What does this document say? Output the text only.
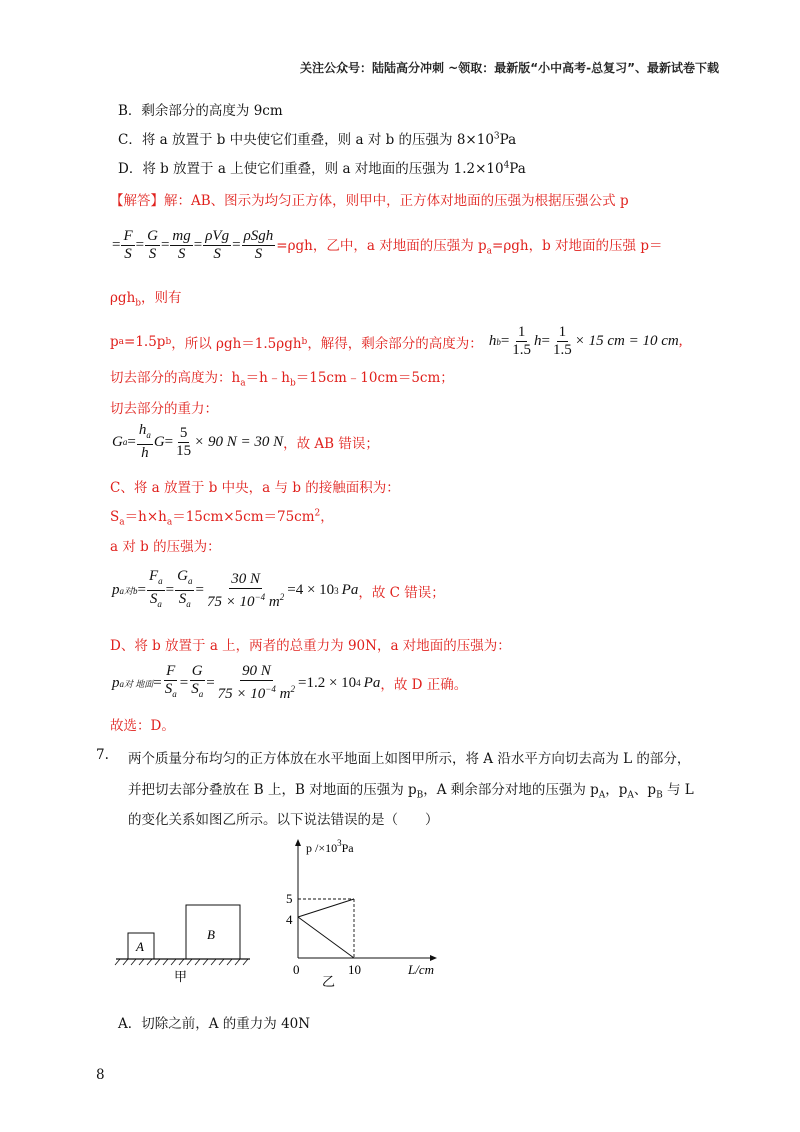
关注公众号：陆陆高分冲刺 ~领取：最新版“小中高考-总复习”、最新试卷下载
B．剩余部分的高度为 9cm
C．将 a 放置于 b 中央使它们重叠，则 a 对 b 的压强为 $8\times 10^3Pa$
D．将 b 放置于 a 上使它们重叠，则 a 对地面的压强为 $1.2\times 10^4Pa$
【解答】解：AB、图示为均匀正方体，则甲中，正方体对地面的压强为根据压强公式 p
= $\frac{F}{S} = \frac{G}{S} = \frac{mg}{S} = \frac{\text{ρVg}}{S} = \frac{\text{ρSgh}}{S} =\rho gh$，乙中，a 对地面的压强为 $p_a=\rho gh$，b 对地面的压强 p＝
ρgh$_b$，则有
p a =1.5p b ，所以 ρgh＝1.5ρgh b ，解得，剩余部分的高度为： h $b = \frac{1}{1.5}$ $h = \frac{1}{1.5} \times 15$ cm = 10 cm ,
切去部分的高度为：$h_a=h﹣h_b=15cm﹣10cm=5cm$；
切去部分的重力：
G $a = \frac{h_a}{h}$ $G = \frac{5}{15} \times 90$ N = 30 N ，故 AB 错误；
C、将 a 放置于 b 中央，a 与 b 的接触面积为：
$S_a=h\times h_a=15cm\times 5cm=75cm^2$，
a 对 b 的压强为：
p a对$b = \frac{F_a}{S_a} = \frac{G_a}{S_a} = \frac{30 N}{75 \times 10^{-4} m^2} = 4 \times 10$ 3 Pa ，故 C 错误；
D、将 b 放置于 a 上，两者的总重力为 90N，a 对地面的压强为：
p a对 地面 = $\frac{F}{S_a} = \frac{G}{S_a} = \frac{90 N}{75 \times 10^{-4} m^2} = 1.2 \times 10$ 4 Pa ，故 D 正确。
故选：D。
7. 两个质量分布均匀的正方体放在水平地面上如图甲所示，将 A 沿水平方向切去高为 L 的部分，
并把切去部分叠放在 B 上，B 对地面的压强为 $p_B$，A 剩余部分对地的压强为 $p_A$，$p_A$、$p_B$ 与 L
的变化关系如图乙所示。以下说法错误的是（　　）
A
B
甲
p $/\times 10^3Pa$
5
4
0	10	L/cm
乙
A．切除之前，A 的重力为 40N
8
